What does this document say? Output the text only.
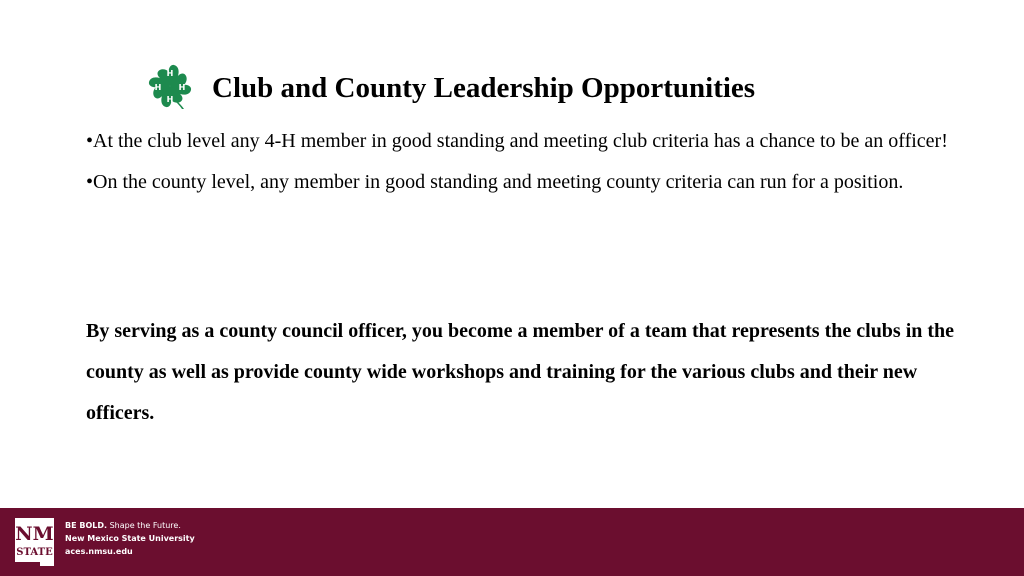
H
H
H
H Club and County Leadership Opportunities

•At the club level any 4-H member in good standing and meeting club criteria has a chance to be an officer!

•On the county level, any member in good standing and meeting county criteria can run for a position.

By serving as a county council officer, you become a member of a team that represents the clubs in the county as well as provide county wide workshops and training for the various clubs and their new officers.

NM
STATE
BE BOLD. Shape the Future.
New Mexico State University
aces.nmsu.edu
